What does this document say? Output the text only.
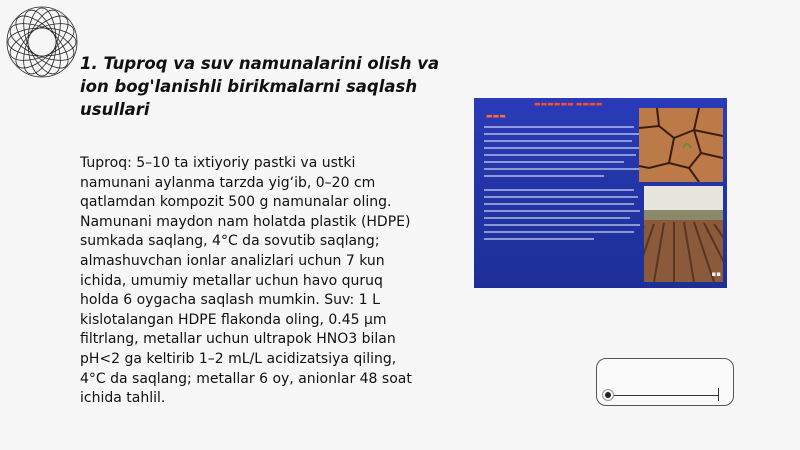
1. Tuproq va suv namunalarini olish va ion bog'lanishli birikmalarni saqlash usullari

Tuproq: 5–10 ta ixtiyoriy pastki va ustki namunani aylanma tarzda yig‘ib, 0–20 cm qatlamdan kompozit 500 g namunalar oling. Namunani maydon nam holatda plastik (HDPE) sumkada saqlang, 4°C da sovutib saqlang; almashuvchan ionlar analizlari uchun 7 kun ichida, umumiy metallar uchun havo quruq holda 6 oygacha saqlash mumkin. Suv: 1 L kislotalangan HDPE flakonda oling, 0.45 µm filtrlang, metallar uchun ultrapok HNO3 bilan pH<2 ga keltirib 1–2 mL/L acidizatsiya qiling, 4°C da saqlang; metallar 6 oy, anionlar 48 soat ichida tahlil.

▬▬▬▬▬▬ ▬▬▬▬
▬▬▬
▪▪
